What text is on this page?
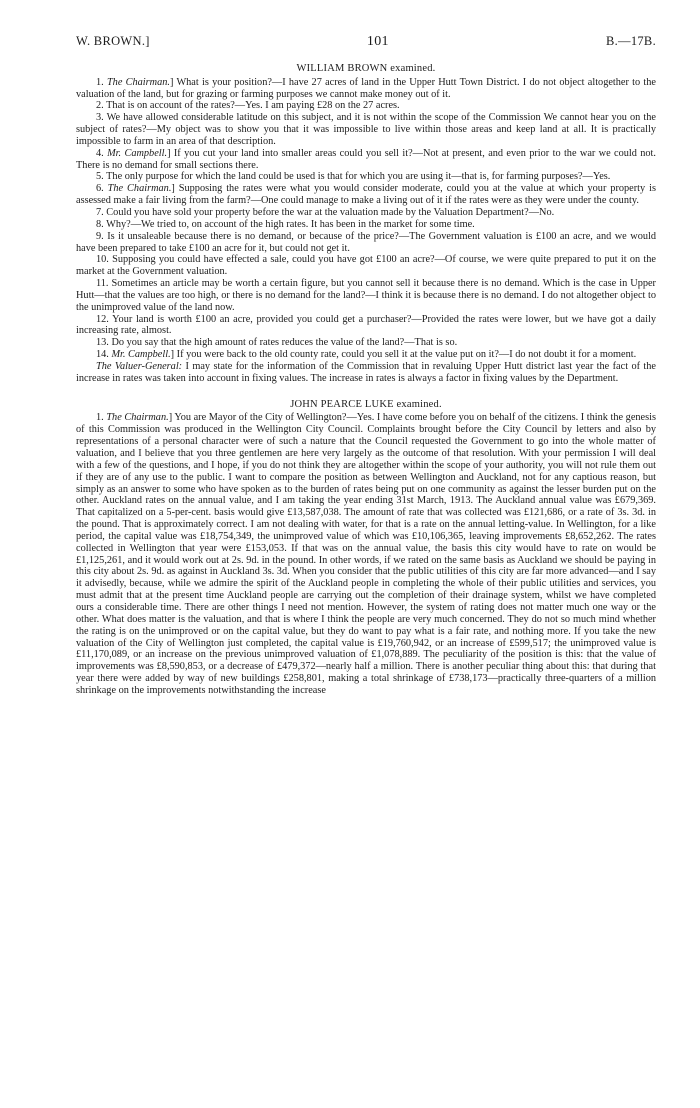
W. BROWN.]	101	B.—17B.
WILLIAM BROWN examined.

1. The Chairman.] What is your position?—I have 27 acres of land in the Upper Hutt Town District. I do not object altogether to the valuation of the land, but for grazing or farming purposes we cannot make money out of it.

2. That is on account of the rates?—Yes. I am paying £28 on the 27 acres.

3. We have allowed considerable latitude on this subject, and it is not within the scope of the Commission We cannot hear you on the subject of rates?—My object was to show you that it was impossible to live within those areas and keep land at all. It is practically impossible to farm in an area of that description.

4. Mr. Campbell.] If you cut your land into smaller areas could you sell it?—Not at present, and even prior to the war we could not. There is no demand for small sections there.

5. The only purpose for which the land could be used is that for which you are using it—that is, for farming purposes?—Yes.

6. The Chairman.] Supposing the rates were what you would consider moderate, could you at the value at which your property is assessed make a fair living from the farm?—One could manage to make a living out of it if the rates were as they were under the county.

7. Could you have sold your property before the war at the valuation made by the Valuation Department?—No.

8. Why?—We tried to, on account of the high rates. It has been in the market for some time.

9. Is it unsaleable because there is no demand, or because of the price?—The Government valuation is £100 an acre, and we would have been prepared to take £100 an acre for it, but could not get it.

10. Supposing you could have effected a sale, could you have got £100 an acre?—Of course, we were quite prepared to put it on the market at the Government valuation.

11. Sometimes an article may be worth a certain figure, but you cannot sell it because there is no demand. Which is the case in Upper Hutt—that the values are too high, or there is no demand for the land?—I think it is because there is no demand. I do not altogether object to the unimproved value of the land now.

12. Your land is worth £100 an acre, provided you could get a purchaser?—Provided the rates were lower, but we have got a daily increasing rate, almost.

13. Do you say that the high amount of rates reduces the value of the land?—That is so.

14. Mr. Campbell.] If you were back to the old county rate, could you sell it at the value put on it?—I do not doubt it for a moment.

The Valuer-General: I may state for the information of the Commission that in revaluing Upper Hutt district last year the fact of the increase in rates was taken into account in fixing values. The increase in rates is always a factor in fixing values by the Department.

JOHN PEARCE LUKE examined.

1. The Chairman.] You are Mayor of the City of Wellington?—Yes. I have come before you on behalf of the citizens. I think the genesis of this Commission was produced in the Wellington City Council. Complaints brought before the City Council by letters and also by representations of a personal character were of such a nature that the Council requested the Government to go into the whole matter of valuation, and I believe that you three gentlemen are here very largely as the outcome of that resolution. With your permission I will deal with a few of the questions, and I hope, if you do not think they are altogether within the scope of your authority, you will not rule them out if they are of any use to the public. I want to compare the position as between Wellington and Auckland, not for any captious reason, but simply as an answer to some who have spoken as to the burden of rates being put on one community as against the lesser burden put on the other. Auckland rates on the annual value, and I am taking the year ending 31st March, 1913. The Auckland annual value was £679,369. That capitalized on a 5-per-cent. basis would give £13,587,038. The amount of rate that was collected was £121,686, or a rate of 3s. 3d. in the pound. That is approximately correct. I am not dealing with water, for that is a rate on the annual letting-value. In Wellington, for a like period, the capital value was £18,754,349, the unimproved value of which was £10,106,365, leaving improvements £8,652,262. The rates collected in Wellington that year were £153,053. If that was on the annual value, the basis this city would have to rate on would be £1,125,261, and it would work out at 2s. 9d. in the pound. In other words, if we rated on the same basis as Auckland we should be paying in this city about 2s. 9d. as against in Auckland 3s. 3d. When you consider that the public utilities of this city are far more advanced—and I say it advisedly, because, while we admire the spirit of the Auckland people in completing the whole of their public utilities and services, you must admit that at the present time Auckland people are carrying out the completion of their drainage system, whilst we have completed ours a considerable time. There are other things I need not mention. However, the system of rating does not matter much one way or the other. What does matter is the valuation, and that is where I think the people are very much concerned. They do not so much mind whether the rating is on the unimproved or on the capital value, but they do want to pay what is a fair rate, and nothing more. If you take the new valuation of the City of Wellington just completed, the capital value is £19,760,942, or an increase of £599,517; the unimproved value is £11,170,089, or an increase on the previous unimproved valuation of £1,078,889. The peculiarity of the position is this: that the value of improvements was £8,590,853, or a decrease of £479,372—nearly half a million. There is another peculiar thing about this: that during that year there were added by way of new buildings £258,801, making a total shrinkage of £738,173—practically three-quarters of a million shrinkage on the improvements notwithstanding the increase
